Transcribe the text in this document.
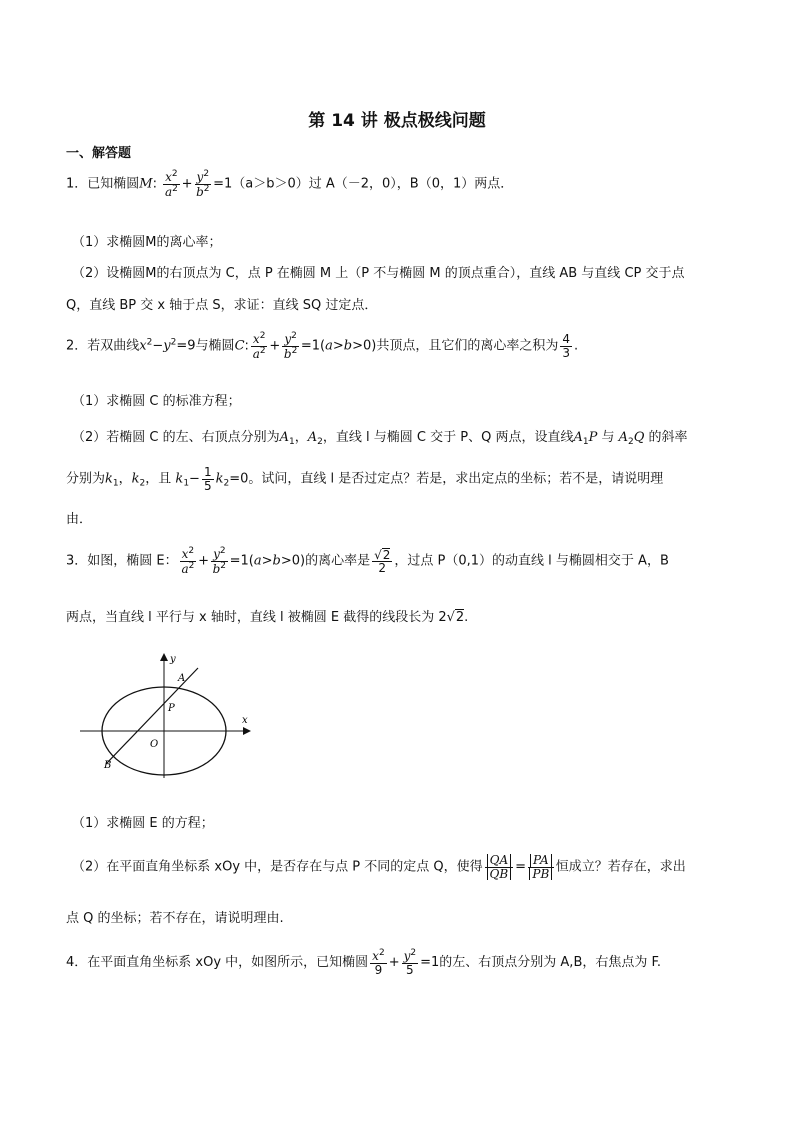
第 14 讲 极点极线问题
一、解答题
1．已知椭圆M: $\frac{x^2}{a^2} + \frac{y^2}{b^2} =1(a>b>0)$过 A（－2，0），B（0，1）两点．
（1）求椭圆M的离心率；
（2）设椭圆M的右顶点为 C，点 P 在椭圆 M 上（P 不与椭圆 M 的顶点重合），直线 AB 与直线 CP 交于点
Q，直线 BP 交 x 轴于点 S，求证：直线 SQ 过定点．
2．若双曲线$x^2-y^2=9$与椭圆C: $\frac{x^2}{a^2} + \frac{y^2}{b^2} =1(a>b>0)$共顶点，且它们的离心率之积为 $\frac{4}{3}$ .
（1）求椭圆 C 的标准方程；
（2）若椭圆 C 的左、右顶点分别为$A_1$，$A_2$，直线 l 与椭圆 C 交于 P、Q 两点，设直线$A_1P$ 与 $A_2Q$ 的斜率
分别为$k_1$，$k_2$，且 $k_1- \frac{1}{5} k_2=0$。试问，直线 l 是否过定点？若是，求出定点的坐标；若不是，请说明理
由．
3．如图，椭圆 E： $\frac{x^2}{a^2} + \frac{y^2}{b^2} =1(a>b>0)$的离心率是 $\frac{√2}{2}$ ，过点 P（0,1）的动直线 l 与椭圆相交于 A，B
两点，当直线 l 平行与 x 轴时，直线 l 被椭圆 E 截得的线段长为 2√2.
y
x
A
P
O
B
（1）求椭圆 E 的方程；
（2）在平面直角坐标系 xOy 中，是否存在与点 P 不同的定点 Q，使得 $\frac{QA}{QB} = \frac{PA}{PB}$ 恒成立？若存在，求出
点 Q 的坐标；若不存在，请说明理由.
4．在平面直角坐标系 xOy 中，如图所示，已知椭圆 $\frac{x^2}{9} + \frac{y^2}{5} =1$的左、右顶点分别为 A,B，右焦点为 F.
